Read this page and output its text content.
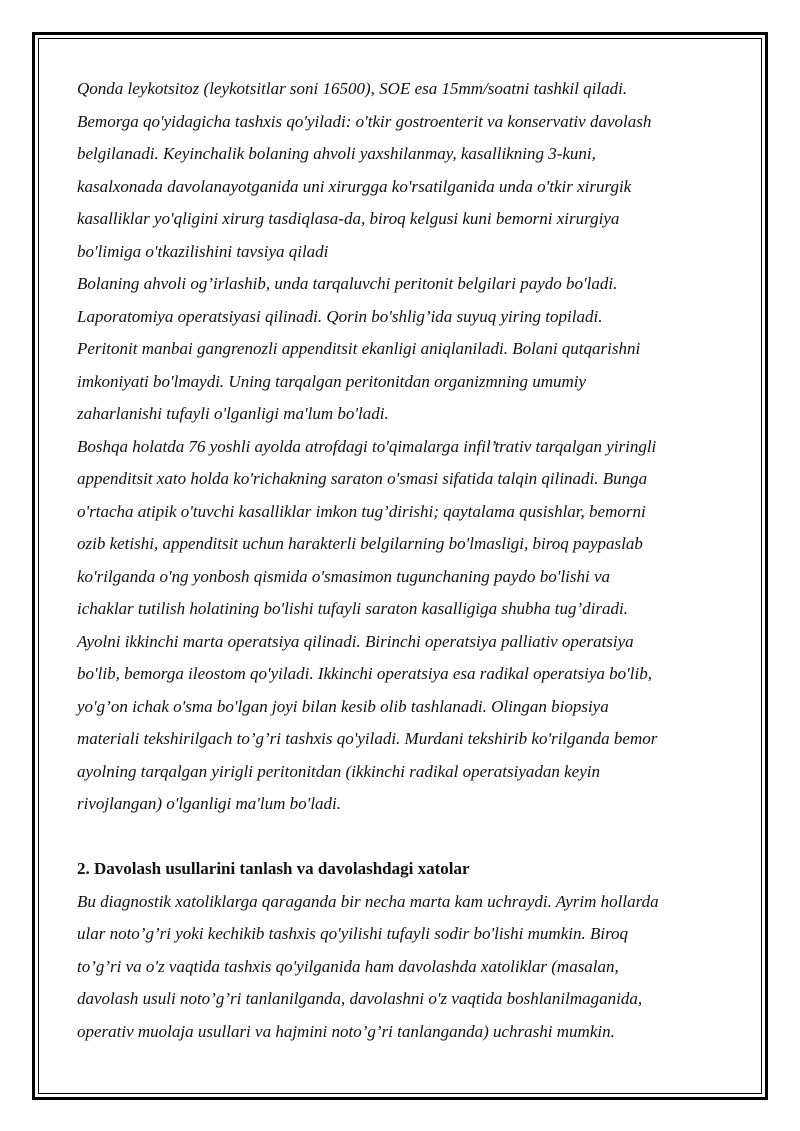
Qonda leykotsitoz (leykotsitlar soni 16500), SOE esa 15mm/soatni tashkil qiladi.
Bemorga qo'yidagicha tashxis qo'yiladi: o'tkir gostroenterit va konservativ davolash
belgilanadi. Keyinchalik bolaning ahvoli yaxshilanmay, kasallikning 3-kuni,
kasalxonada davolanayotganida uni xirurgga ko'rsatilganida unda o'tkir xirurgik
kasalliklar yo'qligini xirurg tasdiqlasa-da, biroq kelgusi kuni bemorni xirurgiya
bo'limiga o'tkazilishini tavsiya qiladi

Bolaning ahvoli og’irlashib, unda tarqaluvchi peritonit belgilari paydo bo'ladi.
Laporatomiya operatsiyasi qilinadi. Qorin bo'shlig’ida suyuq yiring topiladi.
Peritonit manbai gangrenozli appenditsit ekanligi aniqlaniladi. Bolani qutqarishni
imkoniyati bo'lmaydi. Uning tarqalgan peritonitdan organizmning umumiy
zaharlanishi tufayli o'lganligi ma'lum bo'ladi.

Boshqa holatda 76 yoshli ayolda atrofdagi to'qimalarga infil’trativ tarqalgan yiringli
appenditsit xato holda ko'richakning saraton o'smasi sifatida talqin qilinadi. Bunga
o'rtacha atipik o'tuvchi kasalliklar imkon tug’dirishi; qaytalama qusishlar, bemorni
ozib ketishi, appenditsit uchun harakterli belgilarning bo'lmasligi, biroq paypaslab
ko'rilganda o'ng yonbosh qismida o'smasimon tugunchaning paydo bo'lishi va
ichaklar tutilish holatining bo'lishi tufayli saraton kasalligiga shubha tug’diradi.
Ayolni ikkinchi marta operatsiya qilinadi. Birinchi operatsiya palliativ operatsiya
bo'lib, bemorga ileostom qo'yiladi. Ikkinchi operatsiya esa radikal operatsiya bo'lib,
yo'g’on ichak o'sma bo'lgan joyi bilan kesib olib tashlanadi. Olingan biopsiya
materiali tekshirilgach to’g’ri tashxis qo'yiladi. Murdani tekshirib ko'rilganda bemor
ayolning tarqalgan yirigli peritonitdan (ikkinchi radikal operatsiyadan keyin
rivojlangan) o'lganligi ma'lum bo'ladi.

2. Davolash usullarini tanlash va davolashdagi xatolar

Bu diagnostik xatoliklarga qaraganda bir necha marta kam uchraydi. Ayrim hollarda
ular noto’g’ri yoki kechikib tashxis qo'yilishi tufayli sodir bo'lishi mumkin. Biroq
to’g’ri va o'z vaqtida tashxis qo'yilganida ham davolashda xatoliklar (masalan,
davolash usuli noto’g’ri tanlanilganda, davolashni o'z vaqtida boshlanilmaganida,
operativ muolaja usullari va hajmini noto’g’ri tanlanganda) uchrashi mumkin.
